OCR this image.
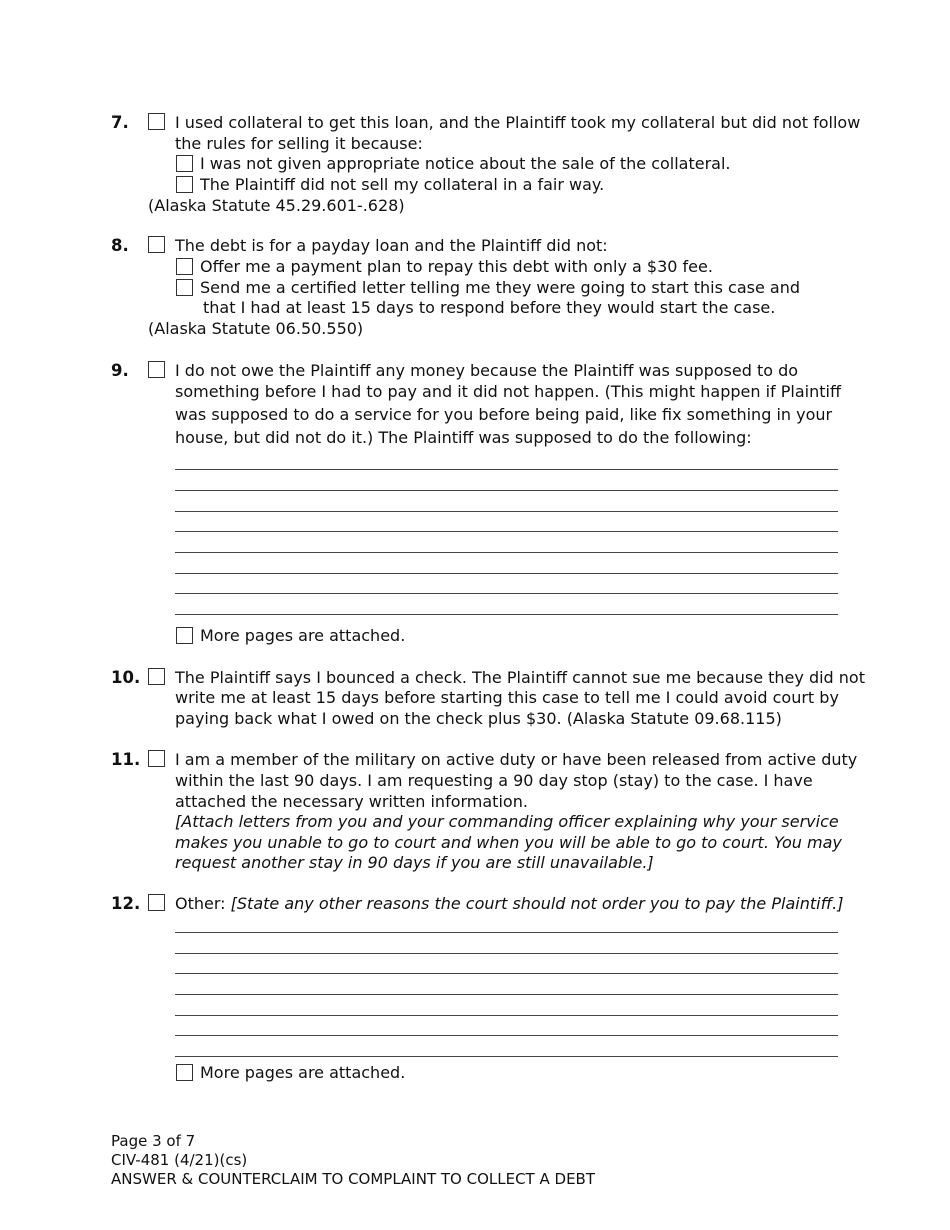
7.	I used collateral to get this loan, and the Plaintiff took my collateral but did not follow
the rules for selling it because:
I was not given appropriate notice about the sale of the collateral.
The Plaintiff did not sell my collateral in a fair way.
(Alaska Statute 45.29.601-.628)
8.	The debt is for a payday loan and the Plaintiff did not:
Offer me a payment plan to repay this debt with only a $30 fee.
Send me a certified letter telling me they were going to start this case and
that I had at least 15 days to respond before they would start the case.
(Alaska Statute 06.50.550)
9.	I do not owe the Plaintiff any money because the Plaintiff was supposed to do
something before I had to pay and it did not happen. (This might happen if Plaintiff
was supposed to do a service for you before being paid, like fix something in your
house, but did not do it.) The Plaintiff was supposed to do the following:
More pages are attached.
10. The Plaintiff says I bounced a check. The Plaintiff cannot sue me because they did not
write me at least 15 days before starting this case to tell me I could avoid court by
paying back what I owed on the check plus $30. (Alaska Statute 09.68.115)
11. I am a member of the military on active duty or have been released from active duty
within the last 90 days. I am requesting a 90 day stop (stay) to the case. I have
attached the necessary written information.
[Attach letters from you and your commanding officer explaining why your service
makes you unable to go to court and when you will be able to go to court. You may
request another stay in 90 days if you are still unavailable.]
12. Other: [State any other reasons the court should not order you to pay the Plaintiff.]
More pages are attached.
Page 3 of 7
CIV-481 (4/21)(cs)
ANSWER & COUNTERCLAIM TO COMPLAINT TO COLLECT A DEBT
